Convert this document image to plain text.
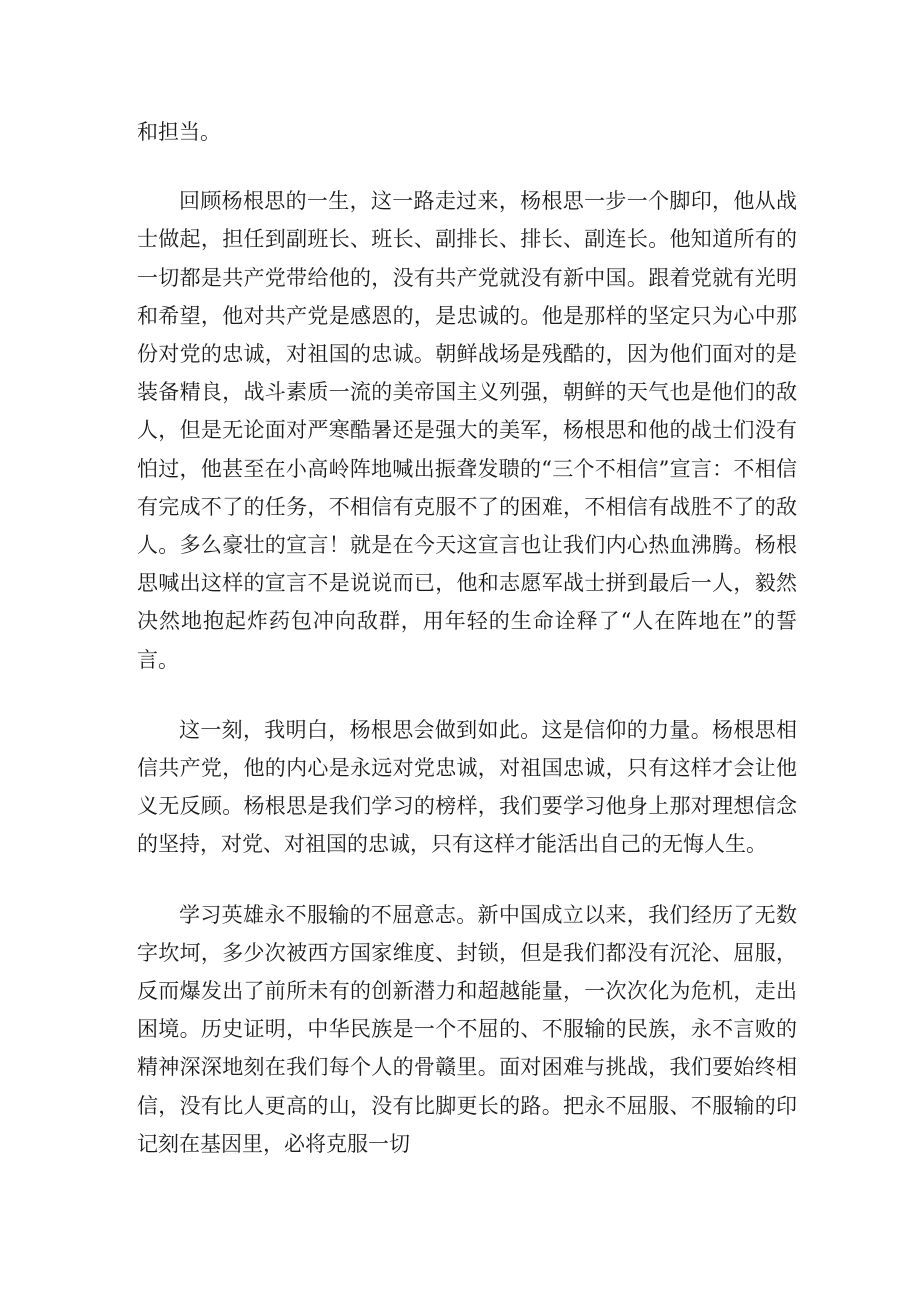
和担当。

回顾杨根思的一生，这一路走过来，杨根思一步一个脚印，他从战士做起，担任到副班长、班长、副排长、排长、副连长。他知道所有的一切都是共产党带给他的，没有共产党就没有新中国。跟着党就有光明和希望，他对共产党是感恩的，是忠诚的。他是那样的坚定只为心中那份对党的忠诚，对祖国的忠诚。朝鲜战场是残酷的，因为他们面对的是装备精良，战斗素质一流的美帝国主义列强，朝鲜的天气也是他们的敌人，但是无论面对严寒酷暑还是强大的美军，杨根思和他的战士们没有怕过，他甚至在小高岭阵地喊出振聋发聩的“三个不相信”宣言：不相信有完成不了的任务，不相信有克服不了的困难，不相信有战胜不了的敌人。多么豪壮的宣言！就是在今天这宣言也让我们内心热血沸腾。杨根思喊出这样的宣言不是说说而已，他和志愿军战士拼到最后一人，毅然决然地抱起炸药包冲向敌群，用年轻的生命诠释了“人在阵地在”的誓言。

这一刻，我明白，杨根思会做到如此。这是信仰的力量。杨根思相信共产党，他的内心是永远对党忠诚，对祖国忠诚，只有这样才会让他义无反顾。杨根思是我们学习的榜样，我们要学习他身上那对理想信念的坚持，对党、对祖国的忠诚，只有这样才能活出自己的无悔人生。

学习英雄永不服输的不屈意志。新中国成立以来，我们经历了无数字坎坷，多少次被西方国家维度、封锁，但是我们都没有沉沦、屈服，反而爆发出了前所未有的创新潜力和超越能量，一次次化为危机，走出困境。历史证明，中华民族是一个不屈的、不服输的民族，永不言败的精神深深地刻在我们每个人的骨赣里。面对困难与挑战，我们要始终相信，没有比人更高的山，没有比脚更长的路。把永不屈服、不服输的印记刻在基因里，必将克服一切
